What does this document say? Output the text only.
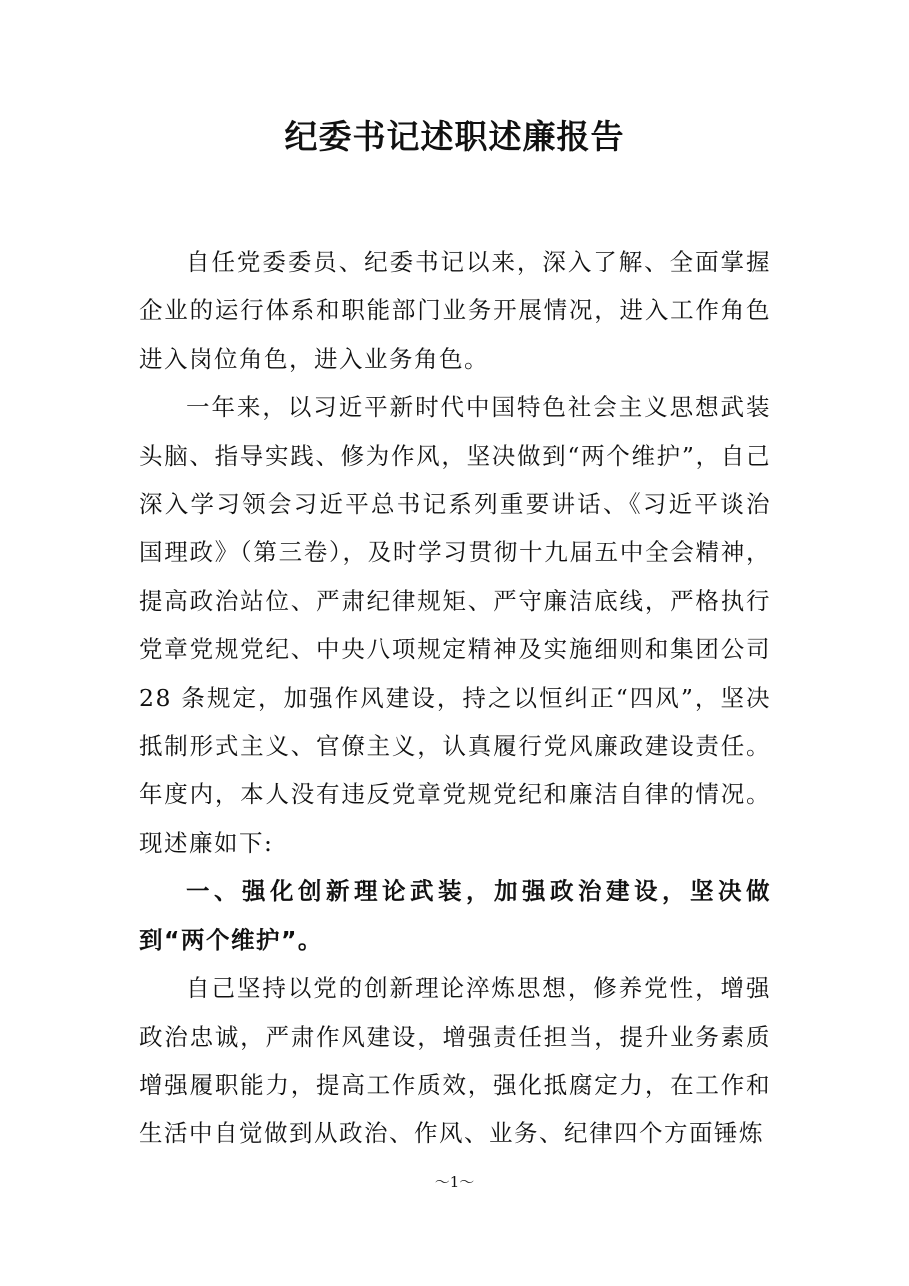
纪委书记述职述廉报告

自任党委委员、纪委书记以来，深入了解、全面掌握企业的运行体系和职能部门业务开展情况，进入工作角色进入岗位角色，进入业务角色。

一年来，以习近平新时代中国特色社会主义思想武装头脑、指导实践、修为作风，坚决做到“两个维护”，自己深入学习领会习近平总书记系列重要讲话、《习近平谈治国理政》（第三卷），及时学习贯彻十九届五中全会精神，提高政治站位、严肃纪律规矩、严守廉洁底线，严格执行党章党规党纪、中央八项规定精神及实施细则和集团公司 28 条规定，加强作风建设，持之以恒纠正“四风”，坚决抵制形式主义、官僚主义，认真履行党风廉政建设责任。年度内，本人没有违反党章党规党纪和廉洁自律的情况。现述廉如下:

一、强化创新理论武装，加强政治建设，坚决做到“两个维护”。

自己坚持以党的创新理论淬炼思想，修养党性，增强政治忠诚，严肃作风建设，增强责任担当，提升业务素质增强履职能力，提高工作质效，强化抵腐定力，在工作和生活中自觉做到从政治、作风、业务、纪律四个方面锤炼

～1～
